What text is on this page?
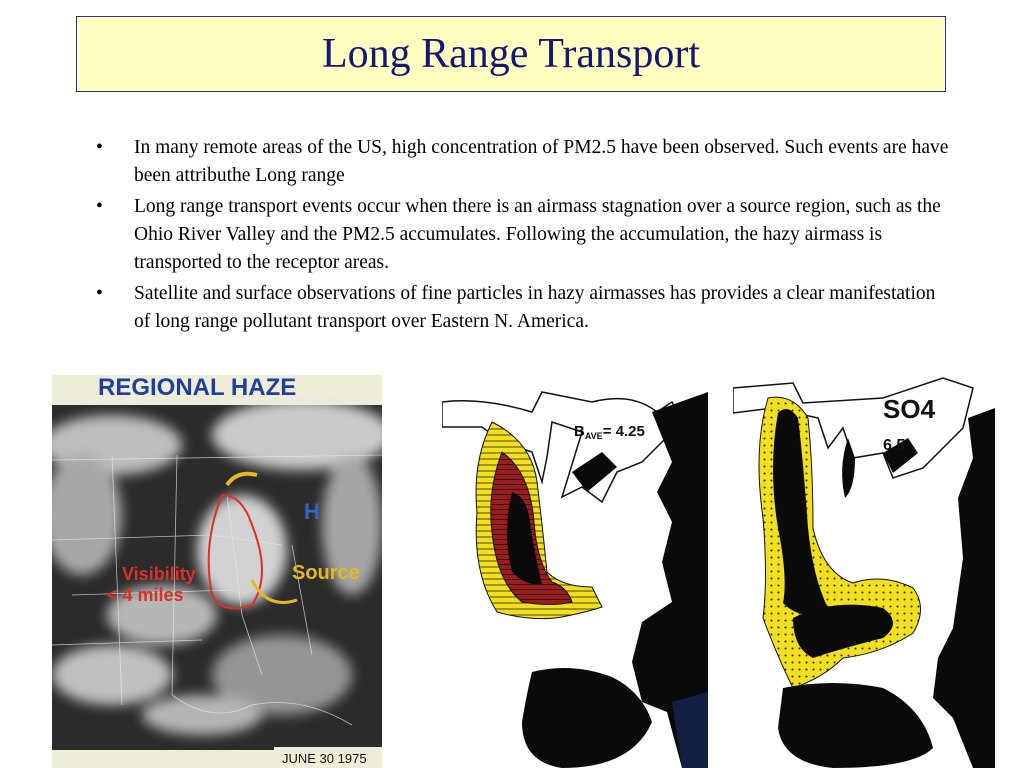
Long Range Transport
• In many remote areas of the US, high concentration of PM2.5 have been observed. Such events are have been attributhe Long range
• Long range transport events occur when there is an airmass stagnation over a source region, such as the Ohio River Valley and the PM2.5 accumulates. Following the accumulation, the hazy airmass is transported to the receptor areas.
• Satellite and surface observations of fine particles in hazy airmasses has provides a clear manifestation of long range pollutant transport over Eastern N. America.
REGIONAL HAZE
H
Source
Visibility
< 4 miles
JUNE 30 1975
$B_{AVE}= 4.25$
SO4
6.5
